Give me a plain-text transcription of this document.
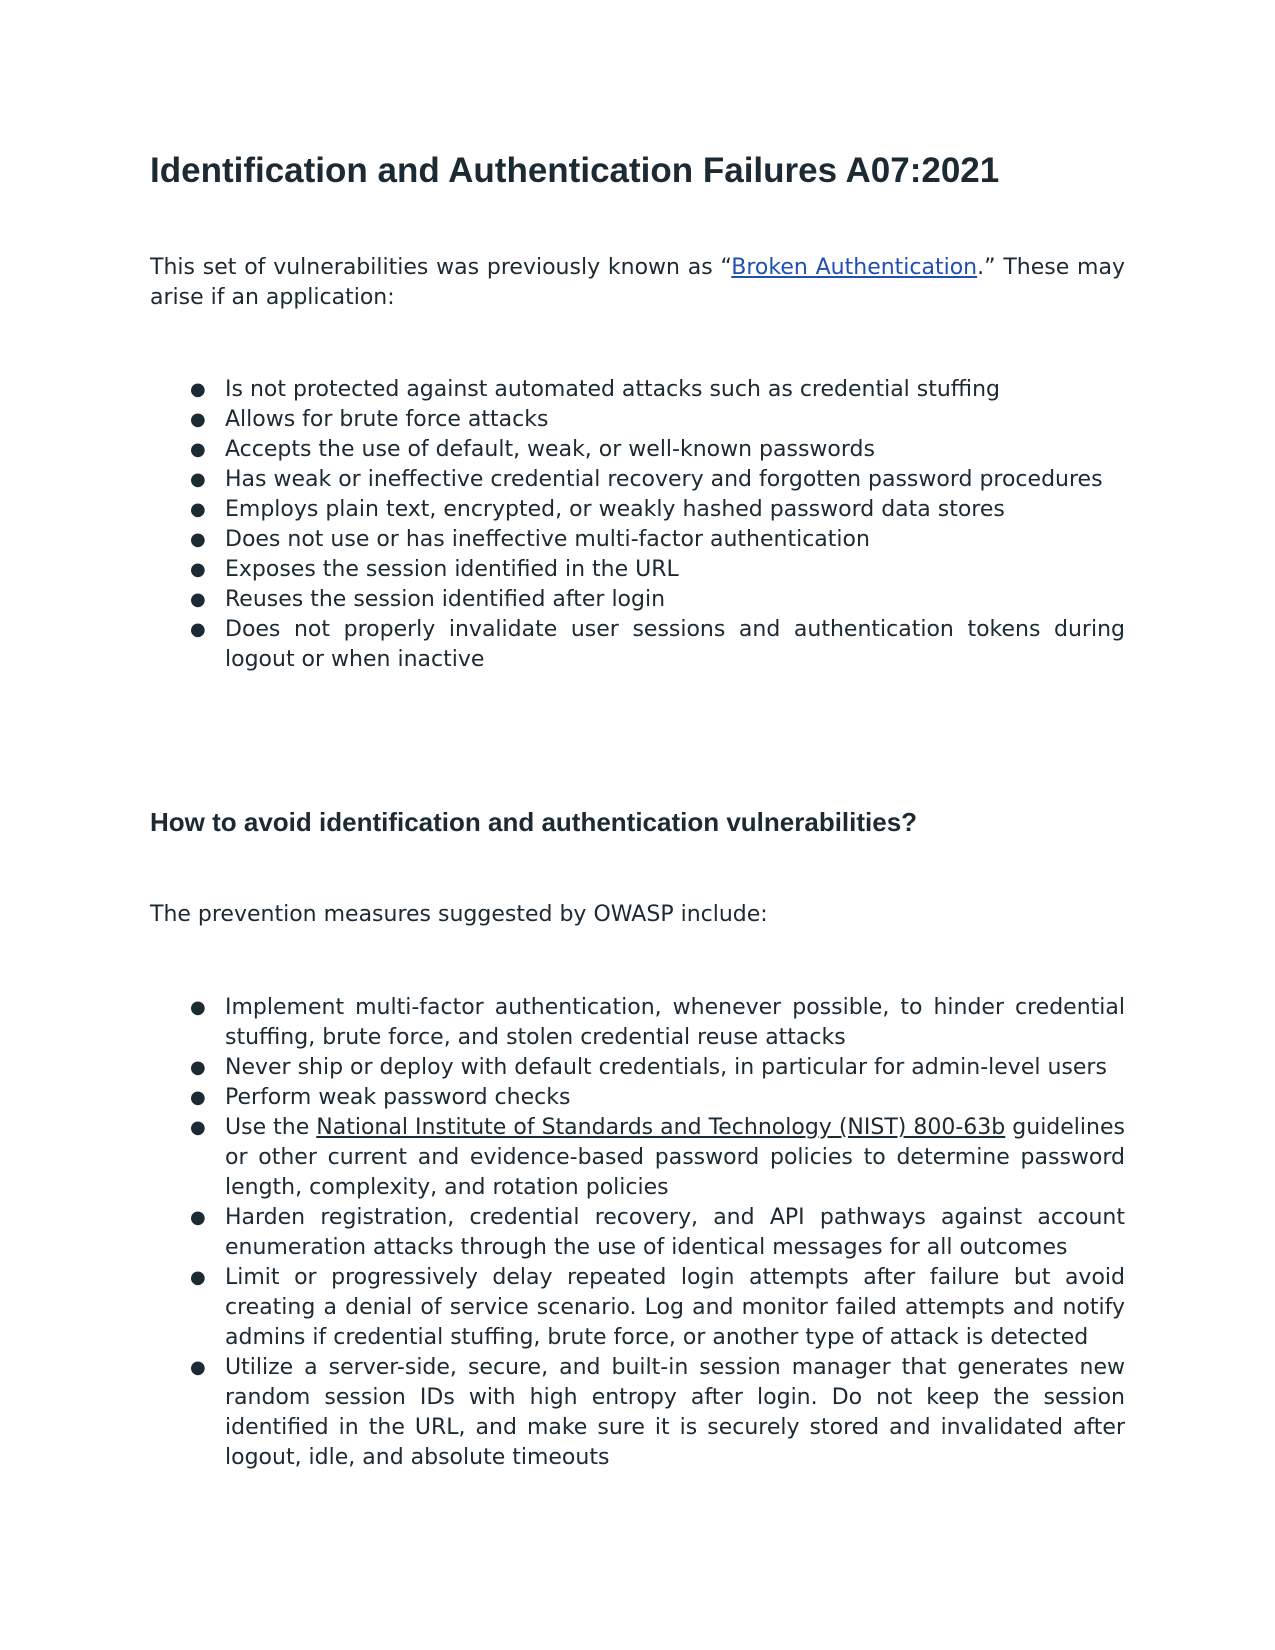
Identification and Authentication Failures A07:2021

This set of vulnerabilities was previously known as “Broken Authentication.” These may arise if an application:

● Is not protected against automated attacks such as credential stuffing
● Allows for brute force attacks
● Accepts the use of default, weak, or well-known passwords
● Has weak or ineffective credential recovery and forgotten password procedures
● Employs plain text, encrypted, or weakly hashed password data stores
● Does not use or has ineffective multi-factor authentication
● Exposes the session identified in the URL
● Reuses the session identified after login
● Does not properly invalidate user sessions and authentication tokens during logout or when inactive
How to avoid identification and authentication vulnerabilities?

The prevention measures suggested by OWASP include:

● Implement multi-factor authentication, whenever possible, to hinder credential stuffing, brute force, and stolen credential reuse attacks
● Never ship or deploy with default credentials, in particular for admin-level users
● Perform weak password checks
● Use the National Institute of Standards and Technology (NIST) 800-63b guidelines or other current and evidence-based password policies to determine password length, complexity, and rotation policies
● Harden registration, credential recovery, and API pathways against account enumeration attacks through the use of identical messages for all outcomes
● Limit or progressively delay repeated login attempts after failure but avoid creating a denial of service scenario. Log and monitor failed attempts and notify admins if credential stuffing, brute force, or another type of attack is detected
● Utilize a server-side, secure, and built-in session manager that generates new random session IDs with high entropy after login. Do not keep the session identified in the URL, and make sure it is securely stored and invalidated after logout, idle, and absolute timeouts
